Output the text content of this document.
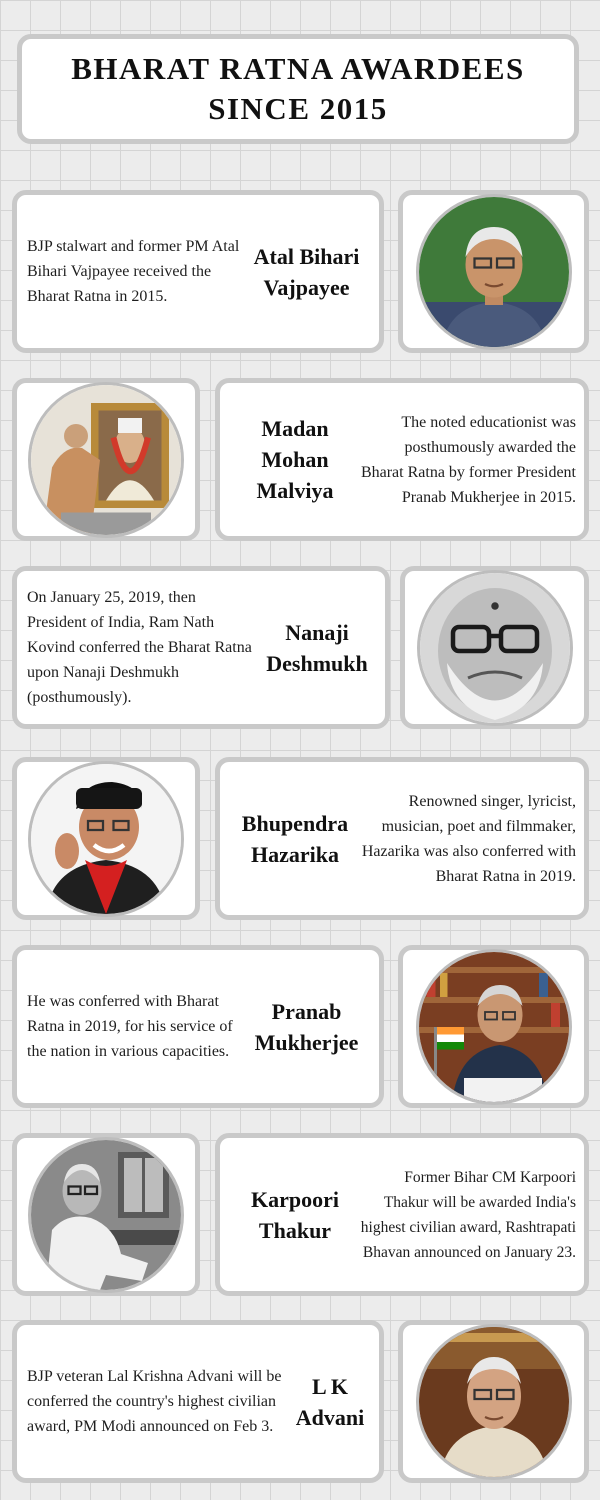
BHARAT RATNA AWARDEES
SINCE 2015
BJP stalwart and former PM Atal Bihari Vajpayee received the Bharat Ratna in 2015.
Atal Bihari Vajpayee
Madan Mohan Malviya
The noted educationist was posthumously awarded the Bharat Ratna by former President Pranab Mukherjee in 2015.
On January 25, 2019, then President of India, Ram Nath Kovind conferred the Bharat Ratna upon Nanaji Deshmukh (posthumously).
Nanaji Deshmukh
Bhupendra Hazarika
Renowned singer, lyricist, musician, poet and filmmaker, Hazarika was also conferred with Bharat Ratna in 2019.
He was conferred with Bharat Ratna in 2019, for his service of the nation in various capacities.
Pranab Mukherjee
Karpoori Thakur
Former Bihar CM Karpoori Thakur will be awarded India's highest civilian award, Rashtrapati Bhavan announced on January 23.
BJP veteran Lal Krishna Advani will be conferred the country's highest civilian award, PM Modi announced on Feb 3.
L K Advani
